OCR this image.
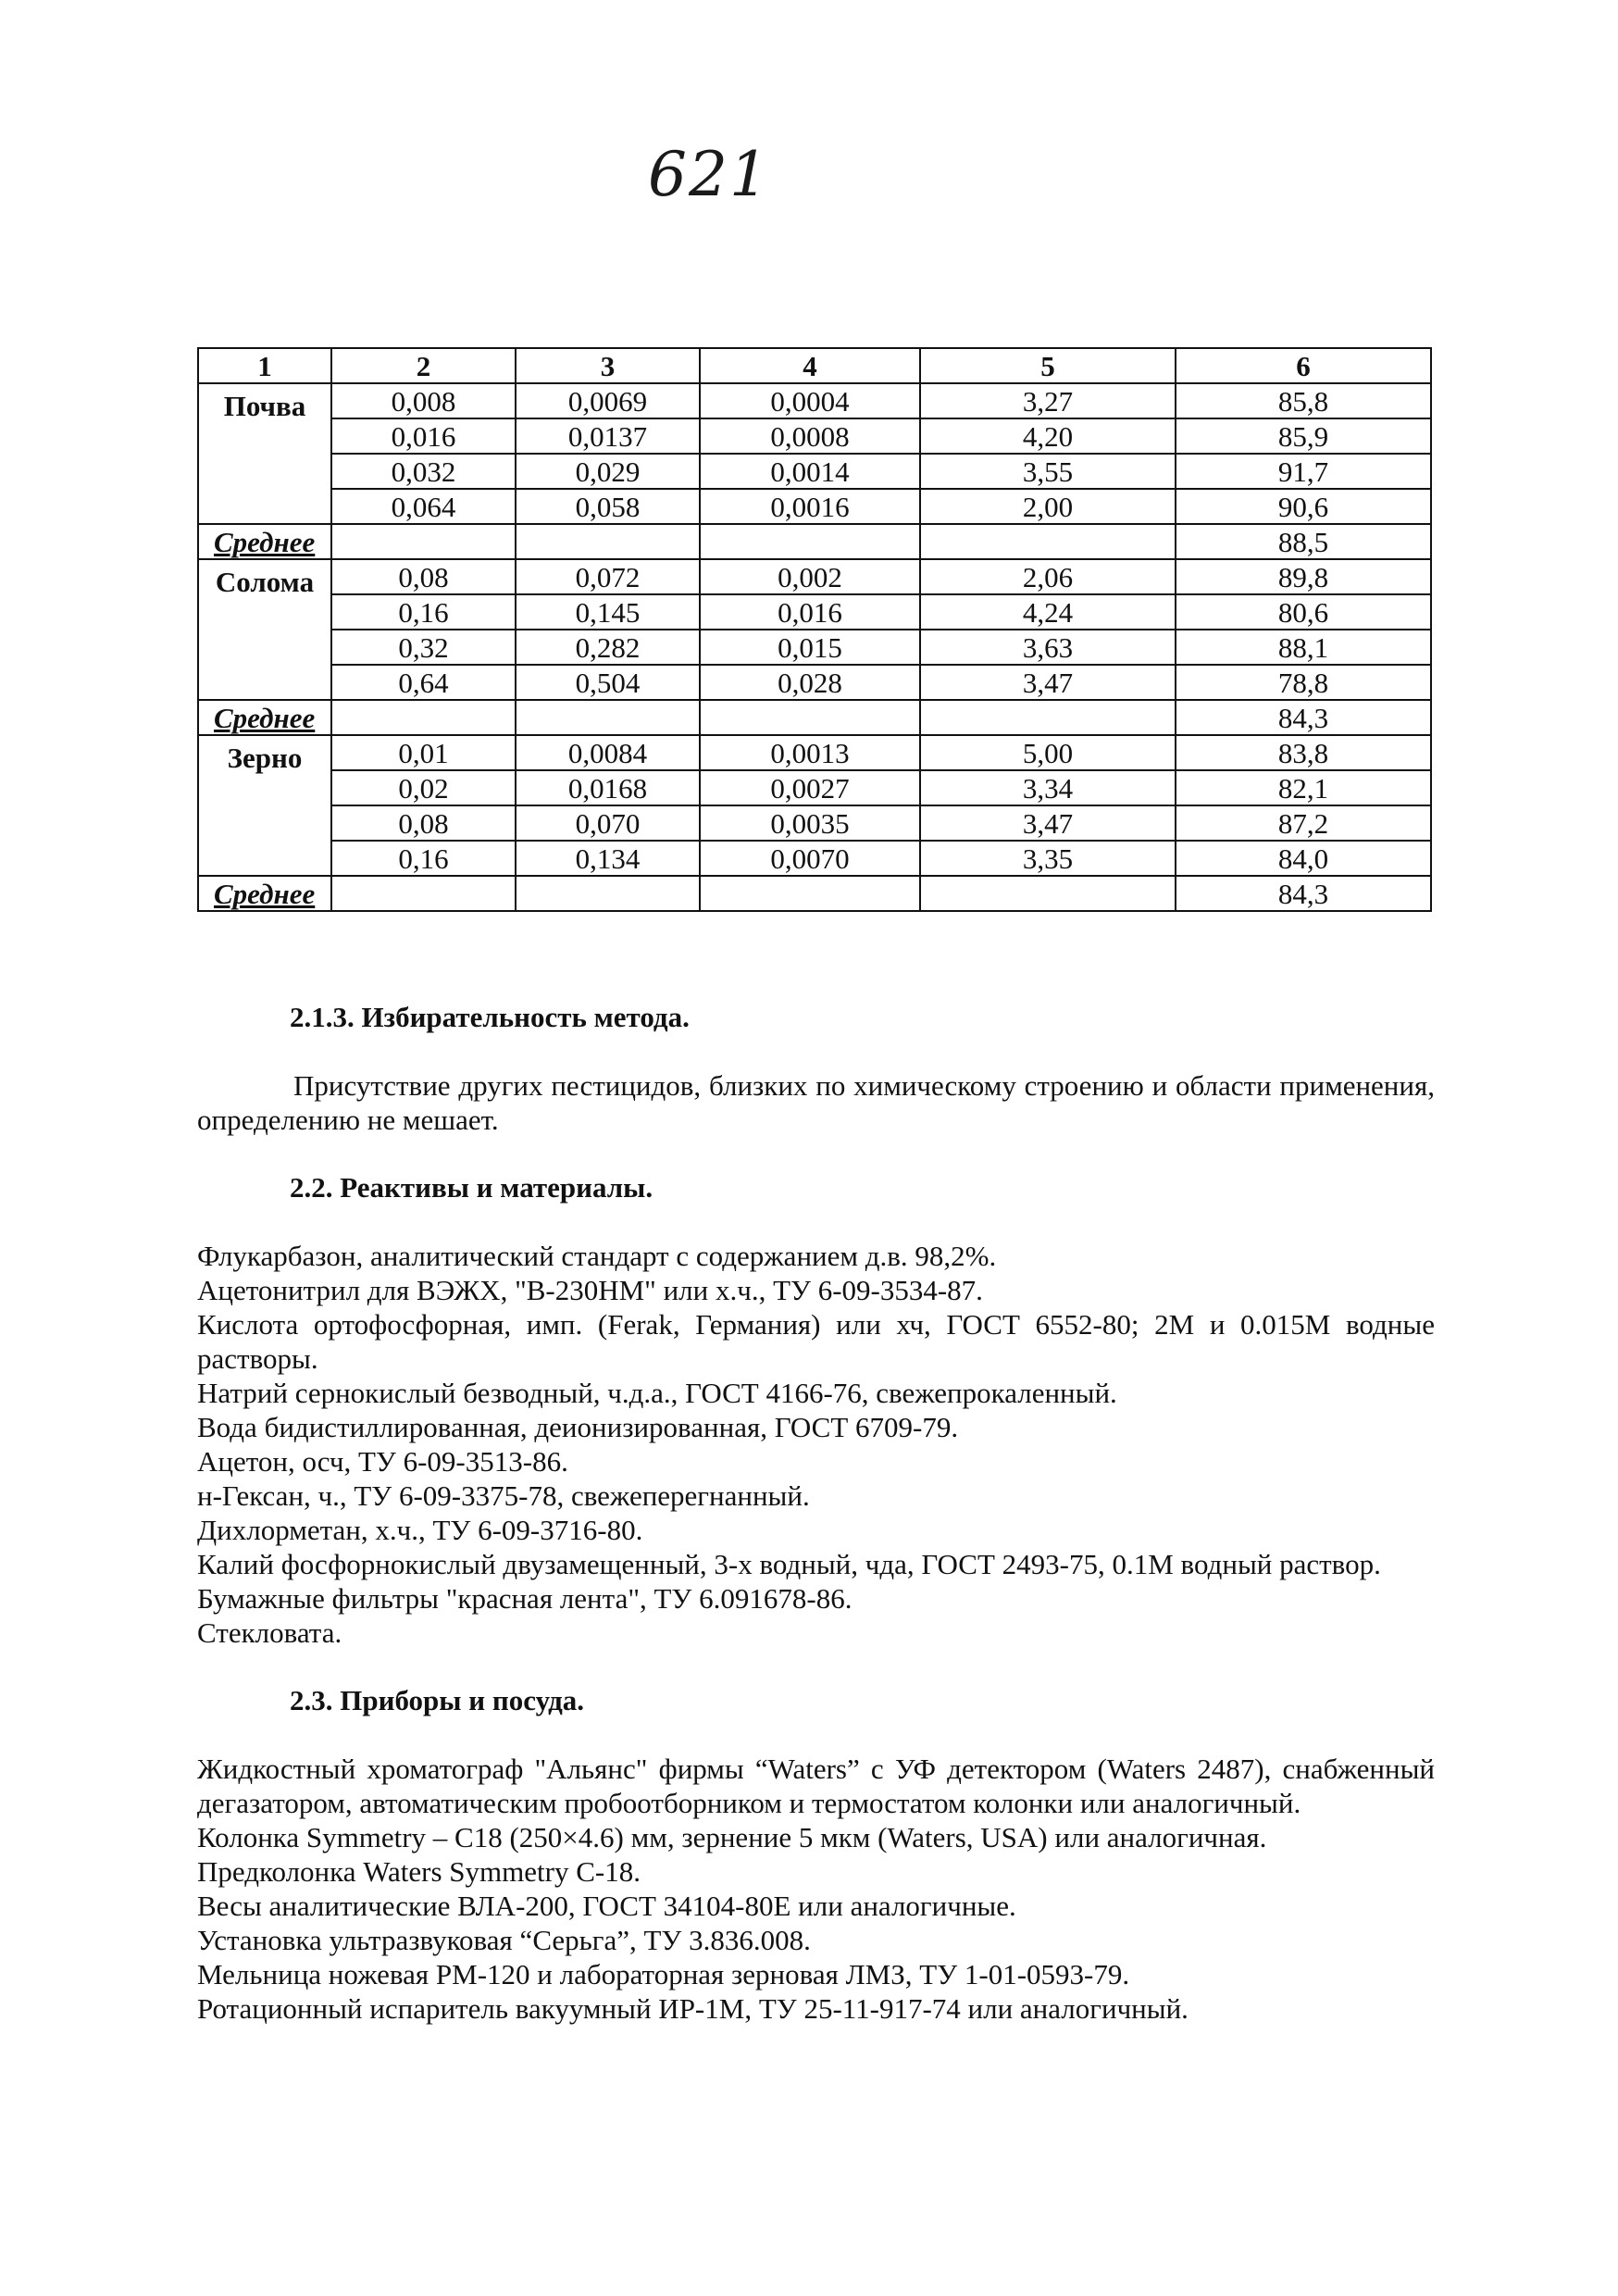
621
1	2	3	4	5	6
Почва	0,008	0,0069	0,0004	3,27	85,8
	0,016	0,0137	0,0008	4,20	85,9
	0,032	0,029	0,0014	3,55	91,7
	0,064	0,058	0,0016	2,00	90,6
Среднее					88,5
Солома	0,08	0,072	0,002	2,06	89,8
	0,16	0,145	0,016	4,24	80,6
	0,32	0,282	0,015	3,63	88,1
	0,64	0,504	0,028	3,47	78,8
Среднее					84,3
Зерно	0,01	0,0084	0,0013	5,00	83,8
	0,02	0,0168	0,0027	3,34	82,1
	0,08	0,070	0,0035	3,47	87,2
	0,16	0,134	0,0070	3,35	84,0
Среднее					84,3

2.1.3. Избирательность метода.

Присутствие других пестицидов, близких по химическому строению и области применения, определению не мешает.

2.2. Реактивы и материалы.

Флукарбазон, аналитический стандарт с содержанием д.в. 98,2%.

Ацетонитрил для ВЭЖХ, "В-230НМ" или х.ч., ТУ 6-09-3534-87.

Кислота ортофосфорная, имп. (Ferak, Германия) или хч, ГОСТ 6552-80; 2М и 0.015М водные растворы.

Натрий сернокислый безводный, ч.д.а., ГОСТ 4166-76, свежепрокаленный.

Вода бидистиллированная, деионизированная, ГОСТ 6709-79.

Ацетон, осч, ТУ 6-09-3513-86.

н-Гексан, ч., ТУ 6-09-3375-78, свежеперегнанный.

Дихлорметан, х.ч., ТУ 6-09-3716-80.

Калий фосфорнокислый двузамещенный, 3-х водный, чда, ГОСТ 2493-75, 0.1М водный раствор.

Бумажные фильтры "красная лента", ТУ 6.091678-86.

Стекловата.

2.3. Приборы и посуда.

Жидкостный хроматограф "Альянс" фирмы “Waters” с УФ детектором (Waters 2487), снабженный дегазатором, автоматическим пробоотборником и термостатом колонки или аналогичный.

Колонка Symmetry – C18 (250×4.6) мм, зернение 5 мкм (Waters, USA) или аналогичная.

Предколонка Waters Symmetry C-18.

Весы аналитические ВЛА-200, ГОСТ 34104-80Е или аналогичные.

Установка ультразвуковая “Серьга”, ТУ 3.836.008.

Мельница ножевая РМ-120 и лабораторная зерновая ЛМЗ, ТУ 1-01-0593-79.

Ротационный испаритель вакуумный ИР-1М, ТУ 25-11-917-74 или аналогичный.
